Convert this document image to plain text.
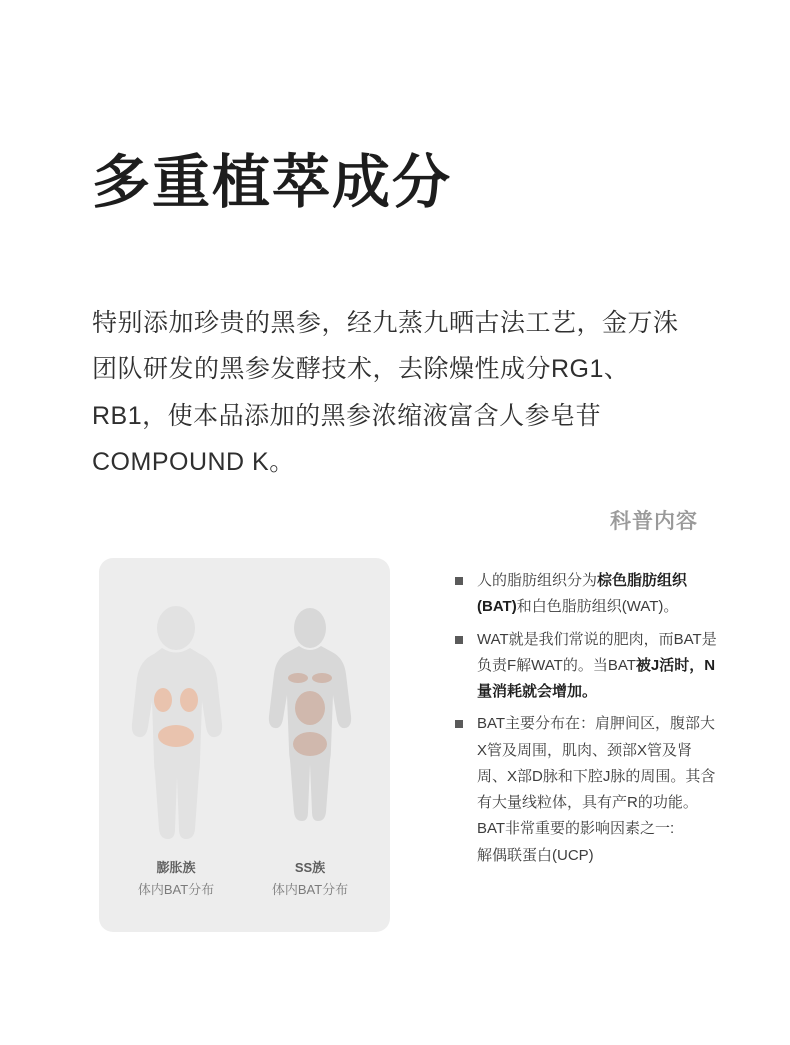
多重植萃成分

特别添加珍贵的黑参，经九蒸九晒古法工艺，金万洙团队研发的黑参发酵技术，去除燥性成分RG1、RB1，使本品添加的黑参浓缩液富含人参皂苷COMPOUND K。

科普内容
膨胀族
体内BAT分布
SS族
体内BAT分布
人的脂肪组织分为棕色脂肪组织(BAT)和白色脂肪组织(WAT)。
WAT就是我们常说的肥肉，而BAT是负责F解WAT的。当BAT被J活时，N量消耗就会增加。
BAT主要分布在：肩胛间区，腹部大X管及周围，肌肉、颈部X管及肾周、X部D脉和下腔J脉的周围。其含有大量线粒体，具有产R的功能。
BAT非常重要的影响因素之一:
解偶联蛋白(UCP)
